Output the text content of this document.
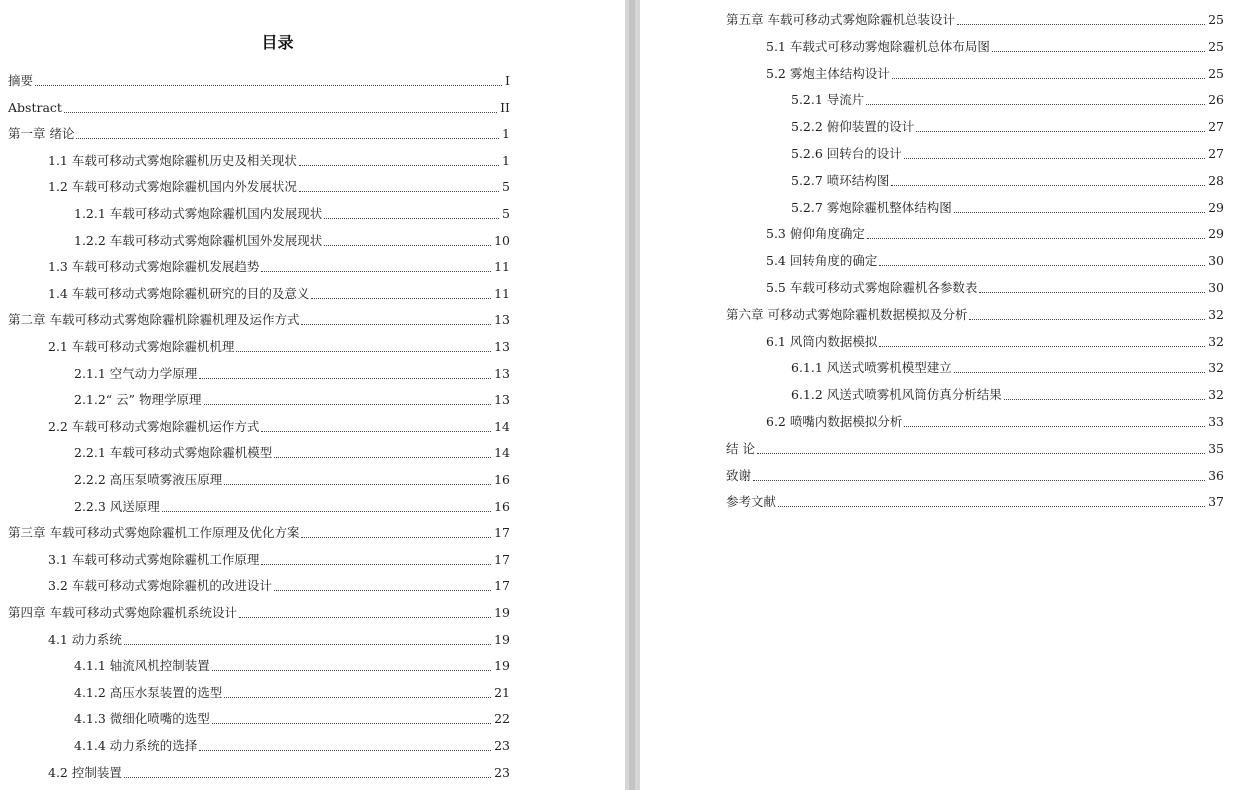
目录
摘要	I
Abstract	II
第一章 绪论	1
1.1 车载可移动式雾炮除霾机历史及相关现状	1
1.2 车载可移动式雾炮除霾机国内外发展状况	5
1.2.1 车载可移动式雾炮除霾机国内发展现状	5
1.2.2 车载可移动式雾炮除霾机国外发展现状	10
1.3 车载可移动式雾炮除霾机发展趋势	11
1.4 车载可移动式雾炮除霾机研究的目的及意义	11
第二章 车载可移动式雾炮除霾机除霾机理及运作方式	13
2.1 车载可移动式雾炮除霾机机理	13
2.1.1 空气动力学原理	13
2.1.2“ 云” 物理学原理	13
2.2 车载可移动式雾炮除霾机运作方式	14
2.2.1 车载可移动式雾炮除霾机模型	14
2.2.2 高压泵喷雾液压原理	16
2.2.3 风送原理	16
第三章 车载可移动式雾炮除霾机工作原理及优化方案	17
3.1 车载可移动式雾炮除霾机工作原理	17
3.2 车载可移动式雾炮除霾机的改进设计	17
第四章 车载可移动式雾炮除霾机系统设计	19
4.1 动力系统	19
4.1.1 轴流风机控制装置	19
4.1.2 高压水泵装置的选型	21
4.1.3 微细化喷嘴的选型	22
4.1.4 动力系统的选择	23
4.2 控制装置	23
第五章 车载可移动式雾炮除霾机总装设计	25
5.1 车载式可移动雾炮除霾机总体布局图	25
5.2 雾炮主体结构设计	25
5.2.1 导流片	26
5.2.2 俯仰装置的设计	27
5.2.6 回转台的设计	27
5.2.7 喷环结构图	28
5.2.7 雾炮除霾机整体结构图	29
5.3 俯仰角度确定	29
5.4 回转角度的确定	30
5.5 车载可移动式雾炮除霾机各参数表	30
第六章 可移动式雾炮除霾机数据模拟及分析	32
6.1 风筒内数据模拟	32
6.1.1 风送式喷雾机模型建立	32
6.1.2 风送式喷雾机风筒仿真分析结果	32
6.2 喷嘴内数据模拟分析	33
结 论	35
致谢	36
参考文献	37
